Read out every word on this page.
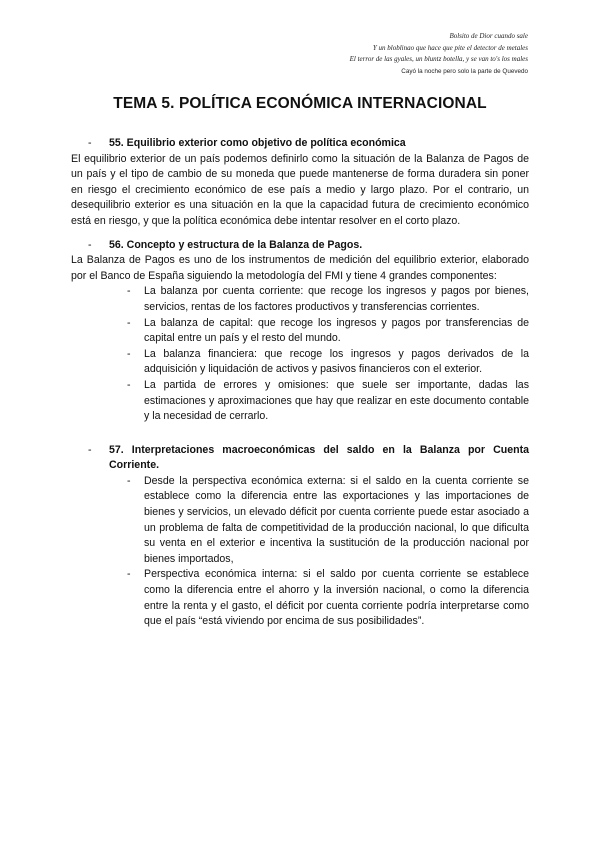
Bolsito de Dior cuando sale
Y un bloblinao que hace que pite el detector de metales
El terror de las gyales, un bluntz botella, y se van to's los males
Cayó la noche pero solo la parte de Quevedo
TEMA 5. POLÍTICA ECONÓMICA INTERNACIONAL
- 55. Equilibrio exterior como objetivo de política económica

El equilibrio exterior de un país podemos definirlo como la situación de la Balanza de Pagos de un país y el tipo de cambio de su moneda que puede mantenerse de forma duradera sin poner en riesgo el crecimiento económico de ese país a medio y largo plazo. Por el contrario, un desequilibrio exterior es una situación en la que la capacidad futura de crecimiento económico está en riesgo, y que la política económica debe intentar resolver en el corto plazo.

- 56. Concepto y estructura de la Balanza de Pagos.

La Balanza de Pagos es uno de los instrumentos de medición del equilibrio exterior, elaborado por el Banco de España siguiendo la metodología del FMI y tiene 4 grandes componentes:

- La balanza por cuenta corriente: que recoge los ingresos y pagos por bienes, servicios, rentas de los factores productivos y transferencias corrientes.
- La balanza de capital: que recoge los ingresos y pagos por transferencias de capital entre un país y el resto del mundo.
- La balanza financiera: que recoge los ingresos y pagos derivados de la adquisición y liquidación de activos y pasivos financieros con el exterior.
- La partida de errores y omisiones: que suele ser importante, dadas las estimaciones y aproximaciones que hay que realizar en este documento contable y la necesidad de cerrarlo.
- 57. Interpretaciones macroeconómicas del saldo en la Balanza por Cuenta Corriente.
- Desde la perspectiva económica externa: si el saldo en la cuenta corriente se establece como la diferencia entre las exportaciones y las importaciones de bienes y servicios, un elevado déficit por cuenta corriente puede estar asociado a un problema de falta de competitividad de la producción nacional, lo que dificulta su venta en el exterior e incentiva la sustitución de la producción nacional por bienes importados,
- Perspectiva económica interna: si el saldo por cuenta corriente se establece como la diferencia entre el ahorro y la inversión nacional, o como la diferencia entre la renta y el gasto, el déficit por cuenta corriente podría interpretarse como que el país “está viviendo por encima de sus posibilidades”.
